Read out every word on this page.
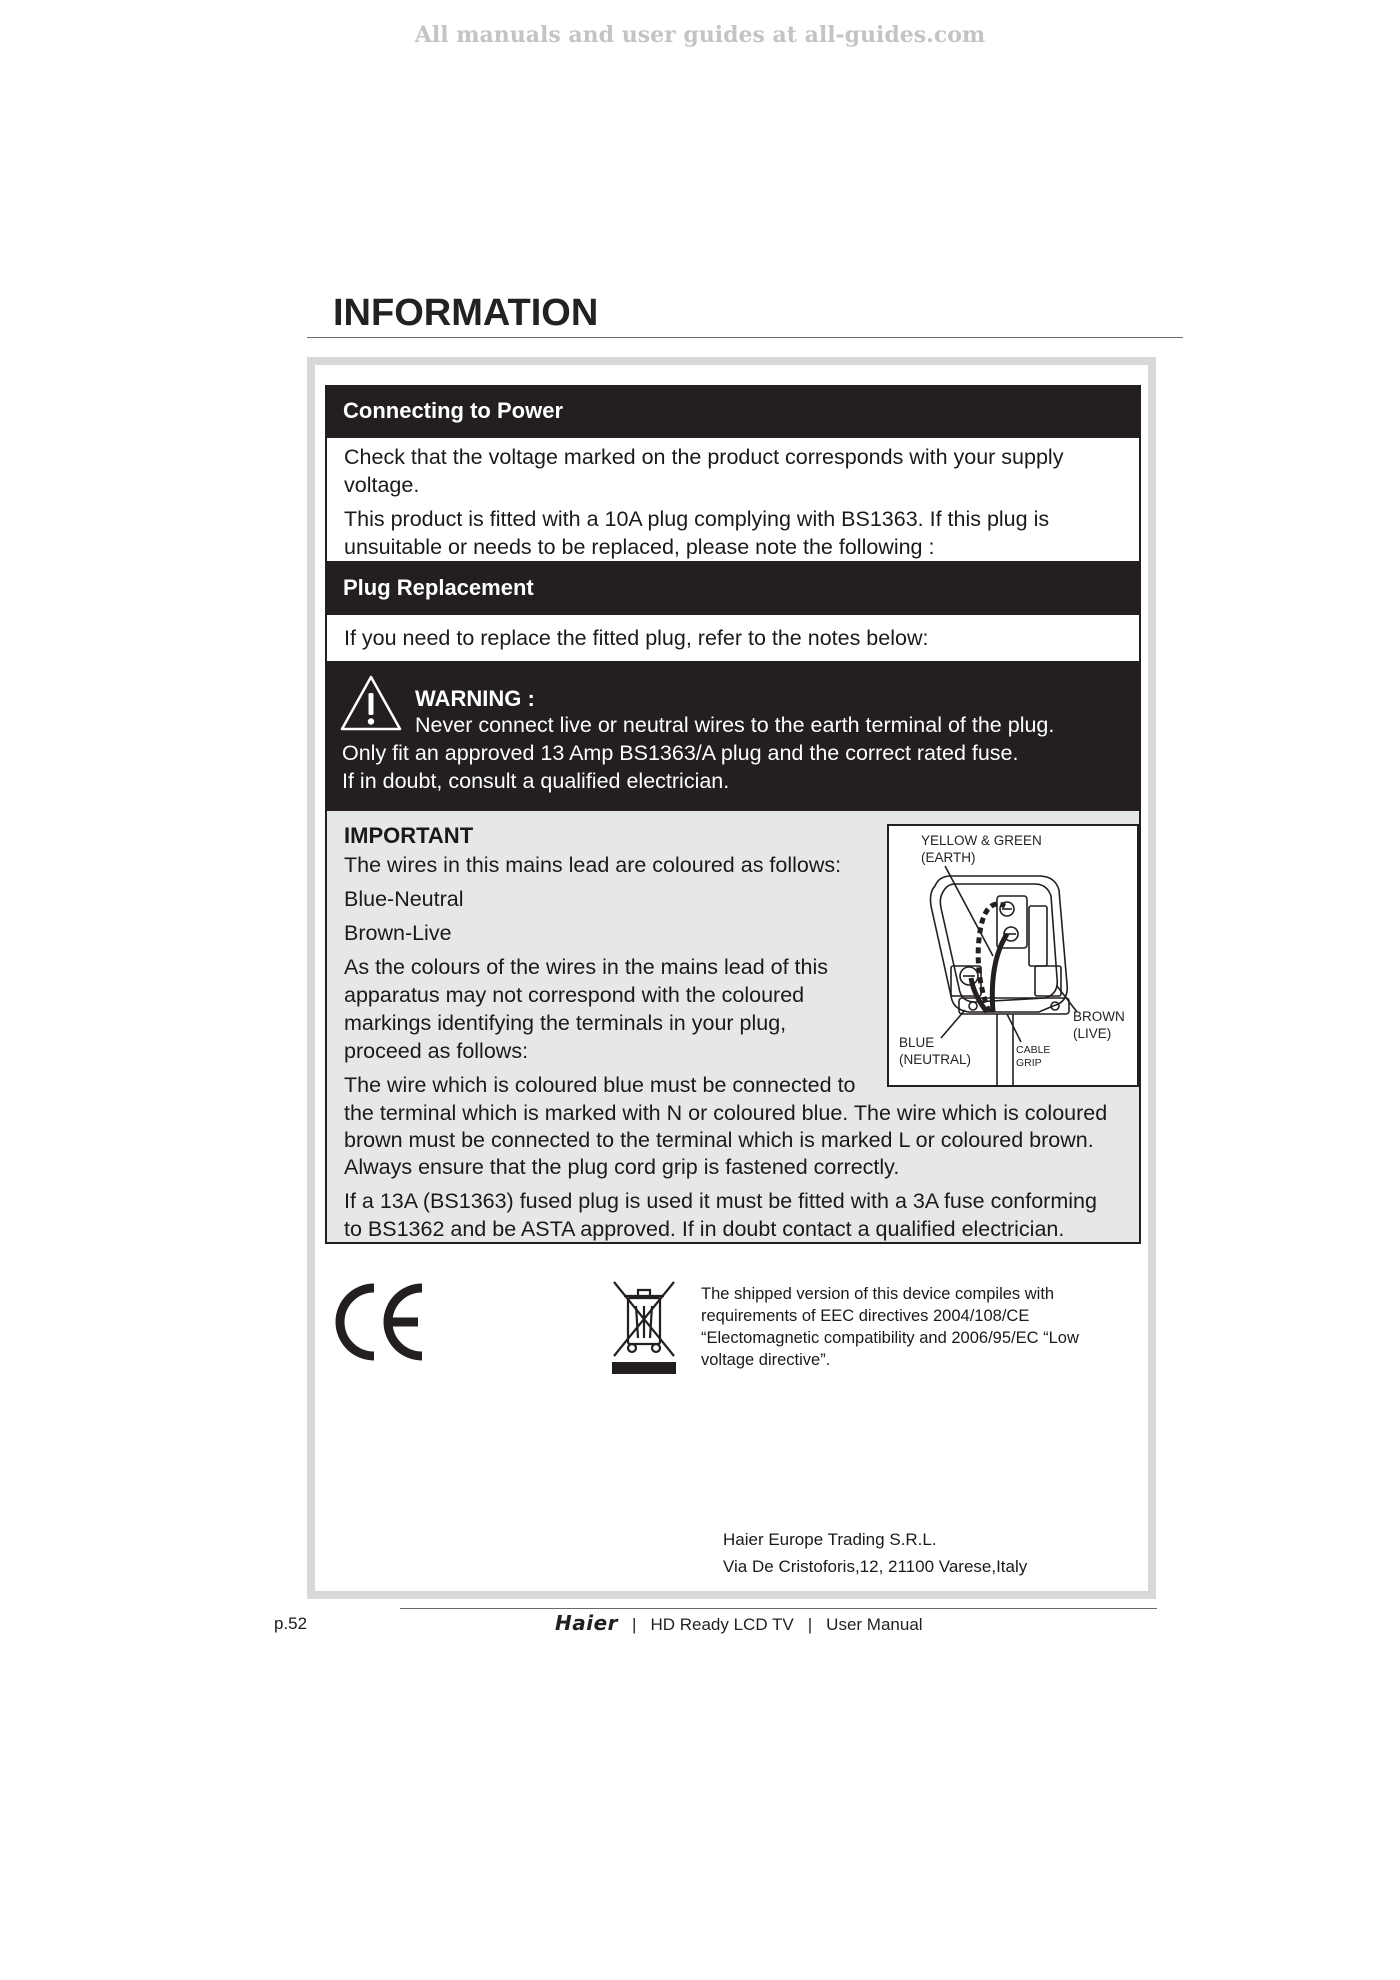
All manuals and user guides at all-guides.com
INFORMATION
Connecting to Power

Check that the voltage marked on the product corresponds with your supply
voltage.

This product is fitted with a 10A plug complying with BS1363. If this plug is
unsuitable or needs to be replaced, please note the following :

Plug Replacement
If you need to replace the fitted plug, refer to the notes below:
WARNING :
Never connect live or neutral wires to the earth terminal of the plug.
Only fit an approved 13 Amp BS1363/A plug and the correct rated fuse.
If in doubt, consult a qualified electrician.
IMPORTANT
The wires in this mains lead are coloured as follows:
Blue-Neutral
Brown-Live
As the colours of the wires in the mains lead of this
apparatus may not correspond with the coloured
markings identifying the terminals in your plug,
proceed as follows:
The wire which is coloured blue must be connected to
the terminal which is marked with N or coloured blue. The wire which is coloured
brown must be connected to the terminal which is marked L or coloured brown.
Always ensure that the plug cord grip is fastened correctly.
If a 13A (BS1363) fused plug is used it must be fitted with a 3A fuse conforming
to BS1362 and be ASTA approved. If in doubt contact a qualified electrician.
YELLOW & GREEN
(EARTH)
BROWN
(LIVE)
BLUE
(NEUTRAL)
CABLE
GRIP
The shipped version of this device compiles with
requirements of EEC directives 2004/108/CE
“Electomagnetic compatibility and 2006/95/EC “Low
voltage directive”.
Haier Europe Trading S.R.L.
Via De Cristoforis,12, 21100 Varese,Italy
p.52	Haier | HD Ready LCD TV | User Manual
